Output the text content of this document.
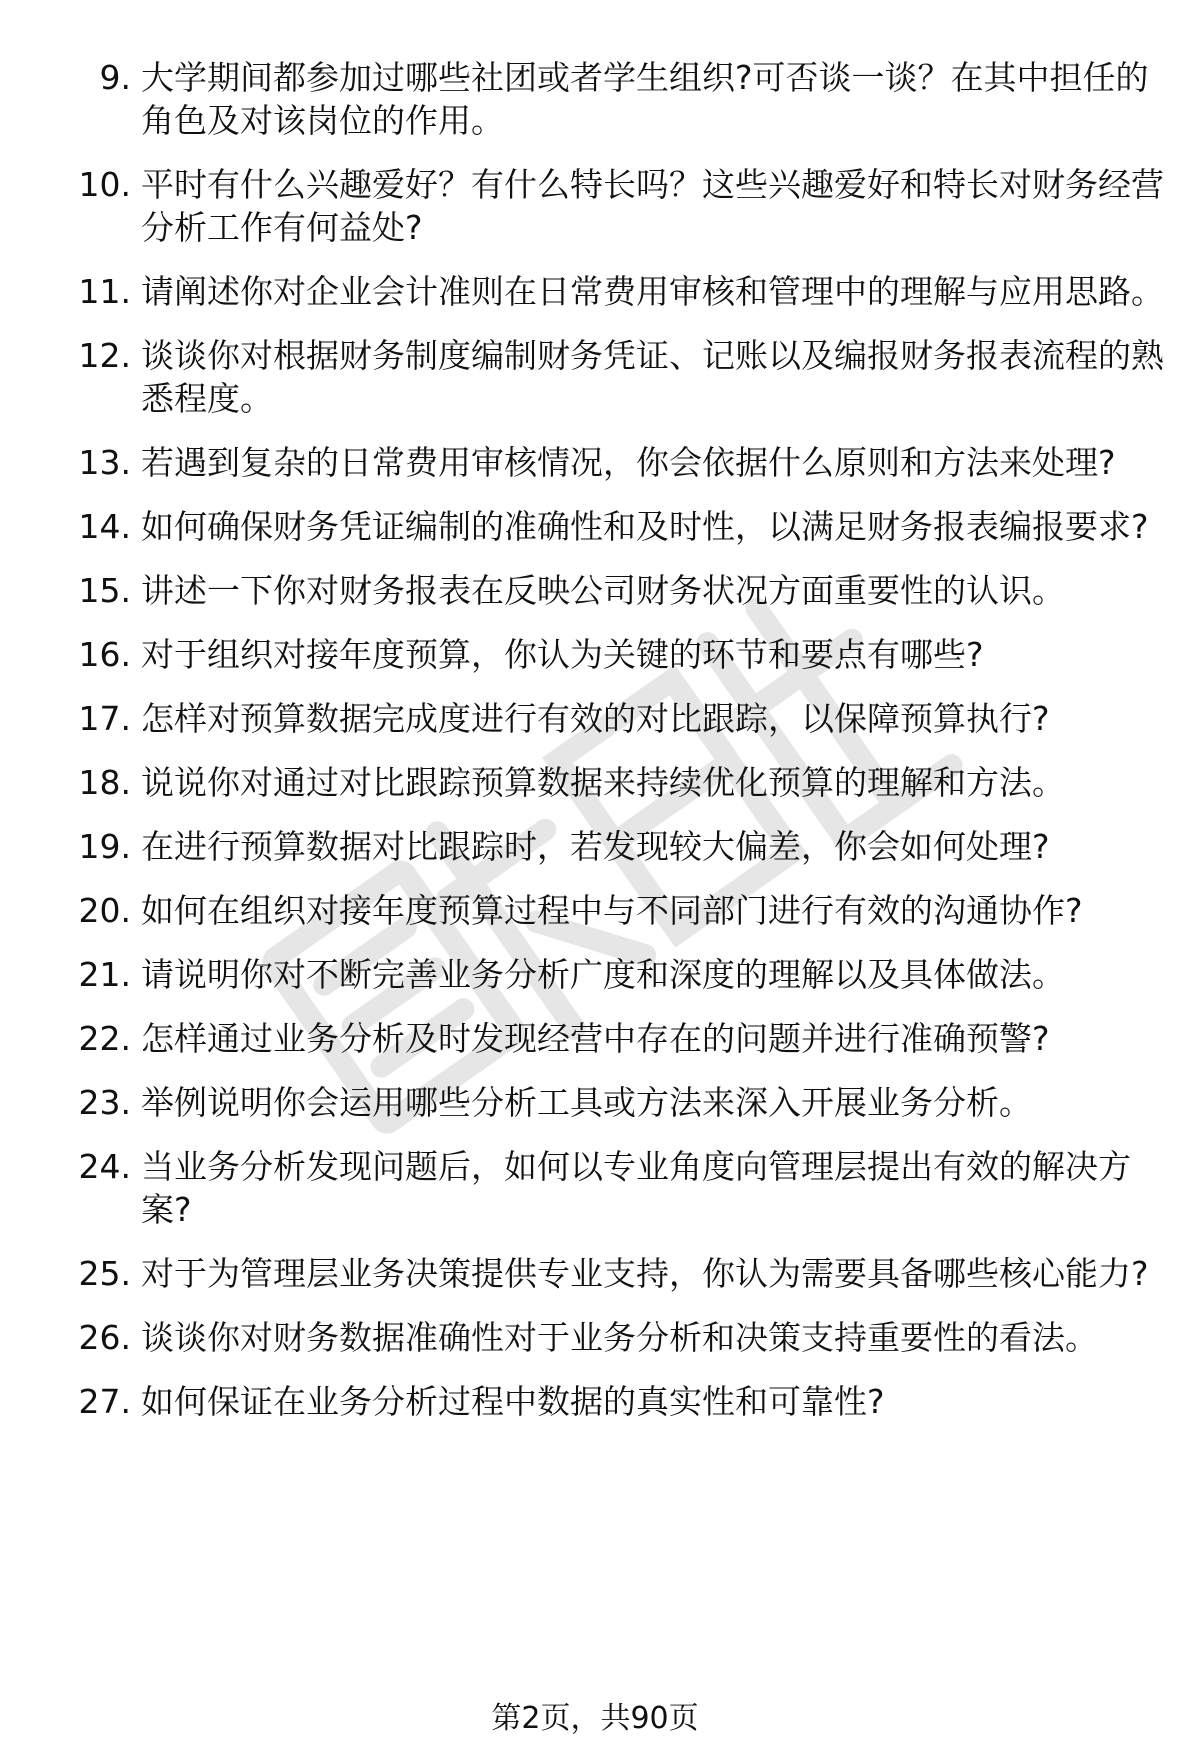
9. 大学期间都参加过哪些社团或者学生组织?可否谈一谈？在其中担任的角色及对该岗位的作用。
10. 平时有什么兴趣爱好？有什么特长吗？这些兴趣爱好和特长对财务经营分析工作有何益处?
11. 请阐述你对企业会计准则在日常费用审核和管理中的理解与应用思路。
12. 谈谈你对根据财务制度编制财务凭证、记账以及编报财务报表流程的熟悉程度。
13. 若遇到复杂的日常费用审核情况，你会依据什么原则和方法来处理?
14. 如何确保财务凭证编制的准确性和及时性，以满足财务报表编报要求?
15. 讲述一下你对财务报表在反映公司财务状况方面重要性的认识。
16. 对于组织对接年度预算，你认为关键的环节和要点有哪些?
17. 怎样对预算数据完成度进行有效的对比跟踪，以保障预算执行?
18. 说说你对通过对比跟踪预算数据来持续优化预算的理解和方法。
19. 在进行预算数据对比跟踪时，若发现较大偏差，你会如何处理?
20. 如何在组织对接年度预算过程中与不同部门进行有效的沟通协作?
21. 请说明你对不断完善业务分析广度和深度的理解以及具体做法。
22. 怎样通过业务分析及时发现经营中存在的问题并进行准确预警?
23. 举例说明你会运用哪些分析工具或方法来深入开展业务分析。
24. 当业务分析发现问题后，如何以专业角度向管理层提出有效的解决方案?
25. 对于为管理层业务决策提供专业支持，你认为需要具备哪些核心能力?
26. 谈谈你对财务数据准确性对于业务分析和决策支持重要性的看法。
27. 如何保证在业务分析过程中数据的真实性和可靠性?
第2页，共90页
